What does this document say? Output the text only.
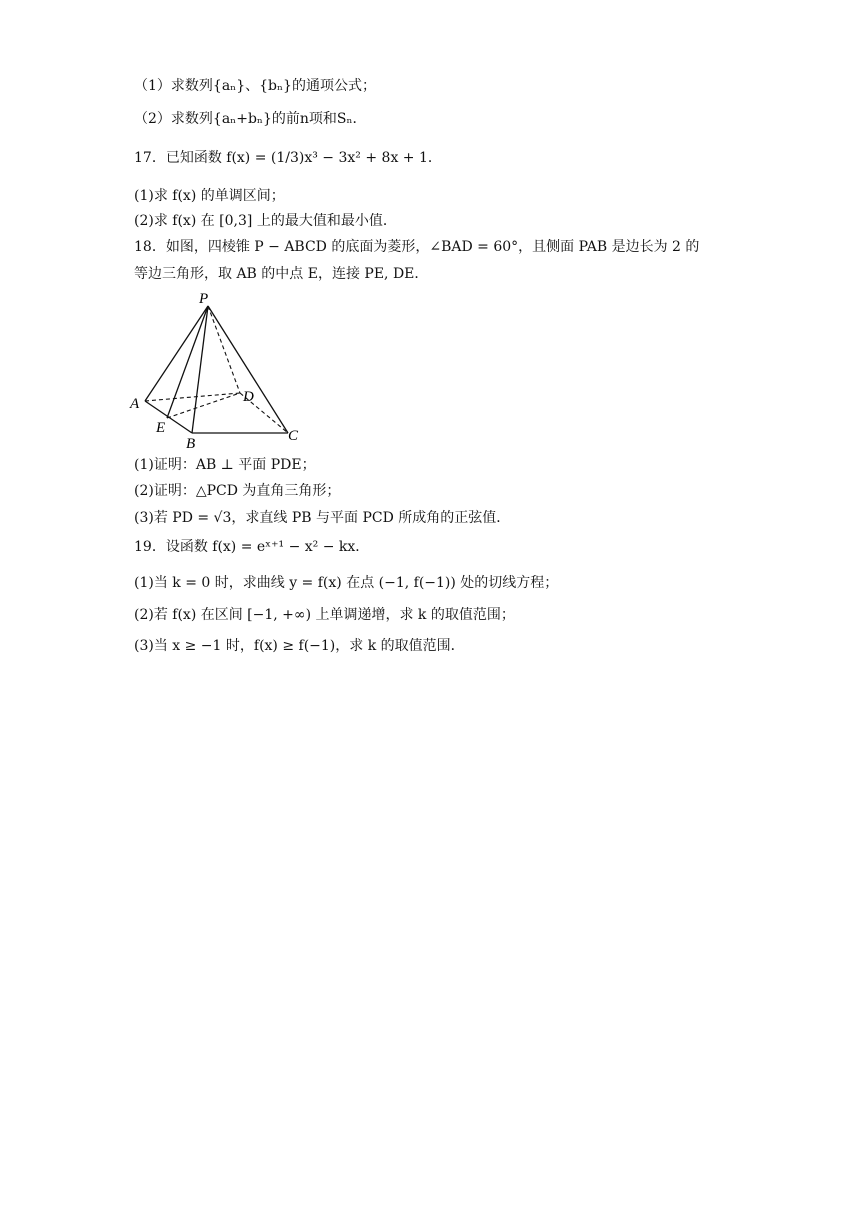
（1）求数列{aₙ}、{bₙ}的通项公式；
（2）求数列{aₙ+bₙ}的前n项和Sₙ．
17．已知函数 f(x) = (1/3)x³ − 3x² + 8x + 1．
(1)求 f(x) 的单调区间；
(2)求 f(x) 在 [0,3] 上的最大值和最小值．
18．如图，四棱锥 P − ABCD 的底面为菱形，∠BAD = 60°，且侧面 PAB 是边长为 2 的
等边三角形，取 AB 的中点 E，连接 PE, DE．
P
A
E
B
D
C
(1)证明：AB ⊥ 平面 PDE；
(2)证明：△PCD 为直角三角形；
(3)若 PD = √3，求直线 PB 与平面 PCD 所成角的正弦值．
19．设函数 f(x) = eˣ⁺¹ − x² − kx．
(1)当 k = 0 时，求曲线 y = f(x) 在点 (−1, f(−1)) 处的切线方程；
(2)若 f(x) 在区间 [−1, +∞) 上单调递增，求 k 的取值范围；
(3)当 x ≥ −1 时，f(x) ≥ f(−1)，求 k 的取值范围．
